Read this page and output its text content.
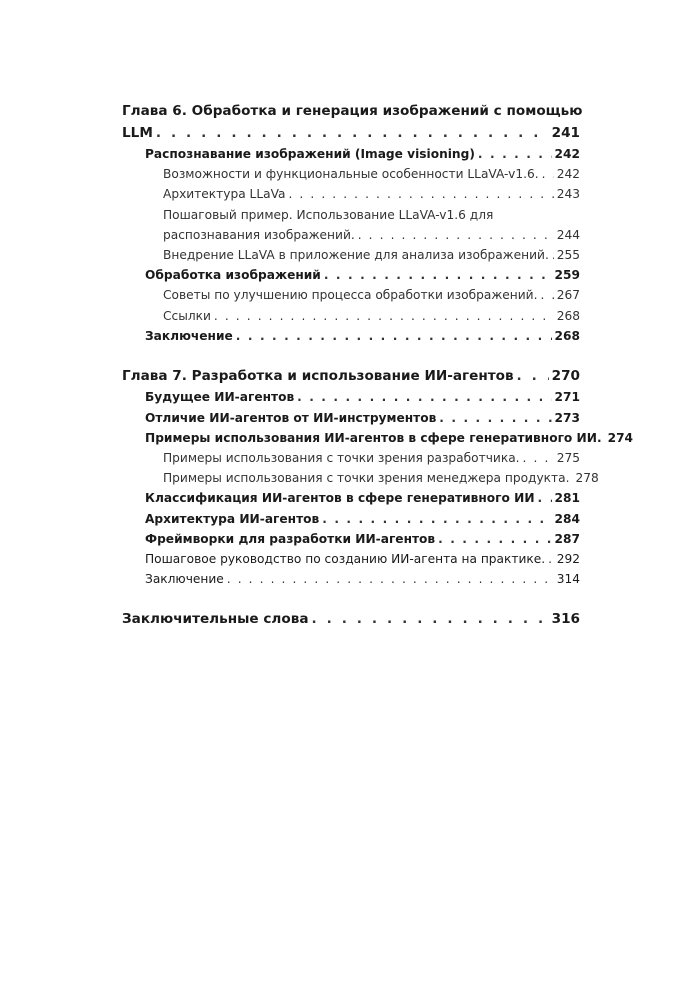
Глава 6. Обработка и генерация изображений с помощью
LLM . . .	241
Распознавание изображений (Image visioning) . . .	242
Возможности и функциональные особенности LLaVA-v1.6. . . . 242
Архитектура LLaVa . . .	243
Пошаговый пример. Использование LLaVA-v1.6 для
распознавания изображений. . . .	244
Внедрение LLaVA в приложение для анализа изображений. . . . 255
Обработка изображений . . .	259
Советы по улучшению процесса обработки изображений. . . . 267
Ссылки . . .	268
Заключение . . .	268
Глава 7. Разработка и использование ИИ-агентов . . .	270
Будущее ИИ-агентов . . .	271
Отличие ИИ-агентов от ИИ-инструментов . . .	273
Примеры использования ИИ-агентов в сфере генеративного ИИ. 274
Примеры использования с точки зрения разработчика. . . .	275
Примеры использования с точки зрения менеджера продукта. 278
Классификация ИИ-агентов в сфере генеративного ИИ . . . 281
Архитектура ИИ-агентов . . .	284
Фреймворки для разработки ИИ-агентов . . .	287
Пошаговое руководство по созданию ИИ-агента на практике. . . . 292
Заключение . . .	314
Заключительные слова . . .	316
